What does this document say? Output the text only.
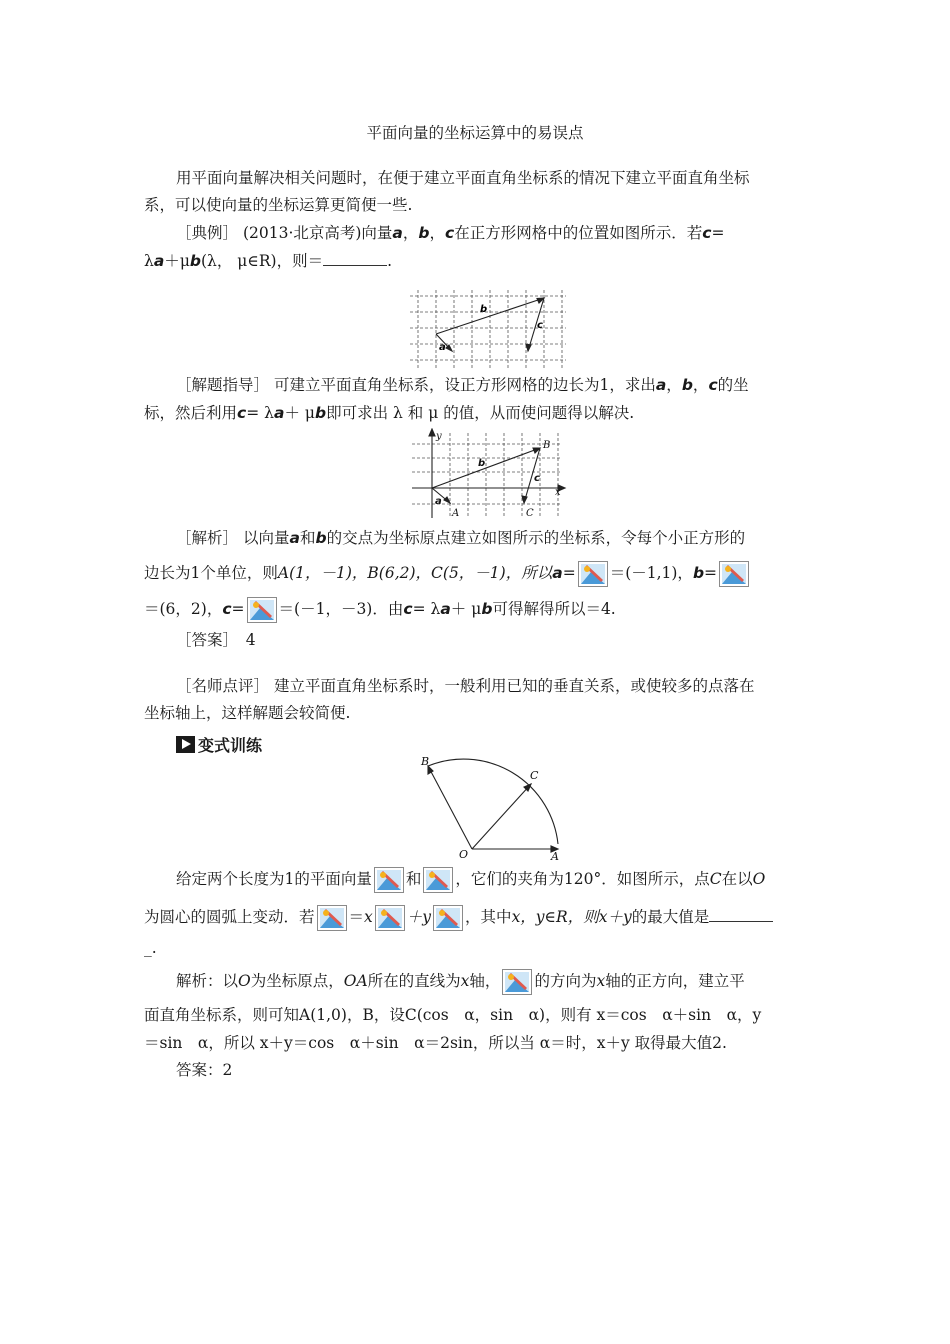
平面向量的坐标运算中的易误点
用平面向量解决相关问题时，在便于建立平面直角坐标系的情况下建立平面直角坐标
系，可以使向量的坐标运算更简便一些.
［典例］ (2013·北京高考)向量a，b，c在正方形网格中的位置如图所示．若c=
λa＋μb(λ， μ∈R)，则＝	.
b
c
a
［解题指导］ 可建立平面直角坐标系，设正方形网格的边长为1，求出a，b，c的坐
标，然后利用c= λa＋ μb即可求出 λ 和 μ 的值，从而使问题得以解决.
y
B
b
c
x
a
A	C
［解析］ 以向量a和b的交点为坐标原点建立如图所示的坐标系，令每个小正方形的
边长为1个单位，则A(1，－1)，B(6,2)，C(5，－1)，所以a= ＝(－1,1)，b=
＝(6，2)，c= ＝(－1，－3)．由c= λa＋ μb可得解得所以＝4.
［答案］　4
［名师点评］ 建立平面直角坐标系时，一般利用已知的垂直关系，或使较多的点落在
坐标轴上，这样解题会较简便.
变式训练
B
C
O	A
给定两个长度为1的平面向量 和 ，它们的夹角为120°．如图所示，点C在以O
为圆心的圆弧上变动．若 ＝x ＋y ，其中x，y∈R，则x＋y的最大值是
_.
解析：以O为坐标原点，OA所在的直线为x轴， 的方向为x轴的正方向，建立平
面直角坐标系，则可知A(1,0)，B，设C(cos　α，sin　α)，则有 x＝cos　α＋sin　α，y
＝sin　α，所以 x＋y＝cos　α＋sin　α＝2sin，所以当 α＝时，x＋y 取得最大值2.
答案：2
